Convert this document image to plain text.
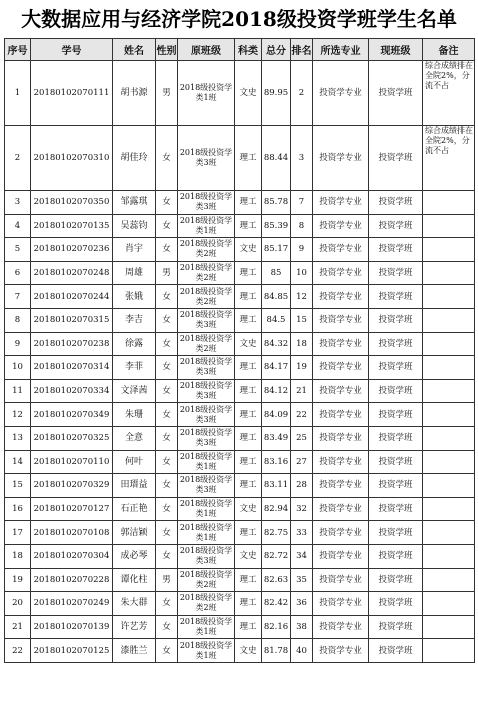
大数据应用与经济学院2018级投资学班学生名单
序号	学号	姓名	性别	原班级	科类	总分	排名	所选专业	现班级	备注
1	20180102070111	胡书源	男	2018级投资学类1班	文史	89.95	2	投资学专业	投资学班	综合成绩排在全院2%，分流不占
2	20180102070310	胡佳玲	女	2018级投资学类3班	理工	88.44	3	投资学专业	投资学班	综合成绩排在全院2%，分流不占
3	20180102070350	邹露琪	女	2018级投资学类3班	理工	85.78	7	投资学专业	投资学班	
4	20180102070135	吴蕊钧	女	2018级投资学类1班	理工	85.39	8	投资学专业	投资学班	
5	20180102070236	肖宇	女	2018级投资学类2班	文史	85.17	9	投资学专业	投资学班	
6	20180102070248	周雄	男	2018级投资学类2班	理工	85	10	投资学专业	投资学班	
7	20180102070244	张娥	女	2018级投资学类2班	理工	84.85	12	投资学专业	投资学班	
8	20180102070315	李吉	女	2018级投资学类3班	理工	84.5	15	投资学专业	投资学班	
9	20180102070238	徐露	女	2018级投资学类2班	文史	84.32	18	投资学专业	投资学班	
10	20180102070314	李菲	女	2018级投资学类3班	理工	84.17	19	投资学专业	投资学班	
11	20180102070334	文泽茜	女	2018级投资学类3班	理工	84.12	21	投资学专业	投资学班	
12	20180102070349	朱珊	女	2018级投资学类3班	理工	84.09	22	投资学专业	投资学班	
13	20180102070325	全意	女	2018级投资学类3班	理工	83.49	25	投资学专业	投资学班	
14	20180102070110	何叶	女	2018级投资学类1班	理工	83.16	27	投资学专业	投资学班	
15	20180102070329	田瑨益	女	2018级投资学类3班	理工	83.11	28	投资学专业	投资学班	
16	20180102070127	石正艳	女	2018级投资学类1班	文史	82.94	32	投资学专业	投资学班	
17	20180102070108	郭洁颖	女	2018级投资学类1班	理工	82.75	33	投资学专业	投资学班	
18	20180102070304	成必琴	女	2018级投资学类3班	文史	82.72	34	投资学专业	投资学班	
19	20180102070228	谭化柱	男	2018级投资学类2班	理工	82.63	35	投资学专业	投资学班	
20	20180102070249	朱大群	女	2018级投资学类2班	理工	82.42	36	投资学专业	投资学班	
21	20180102070139	许艺芳	女	2018级投资学类1班	理工	82.16	38	投资学专业	投资学班	
22	20180102070125	漆胜兰	女	2018级投资学类1班	文史	81.78	40	投资学专业	投资学班	
